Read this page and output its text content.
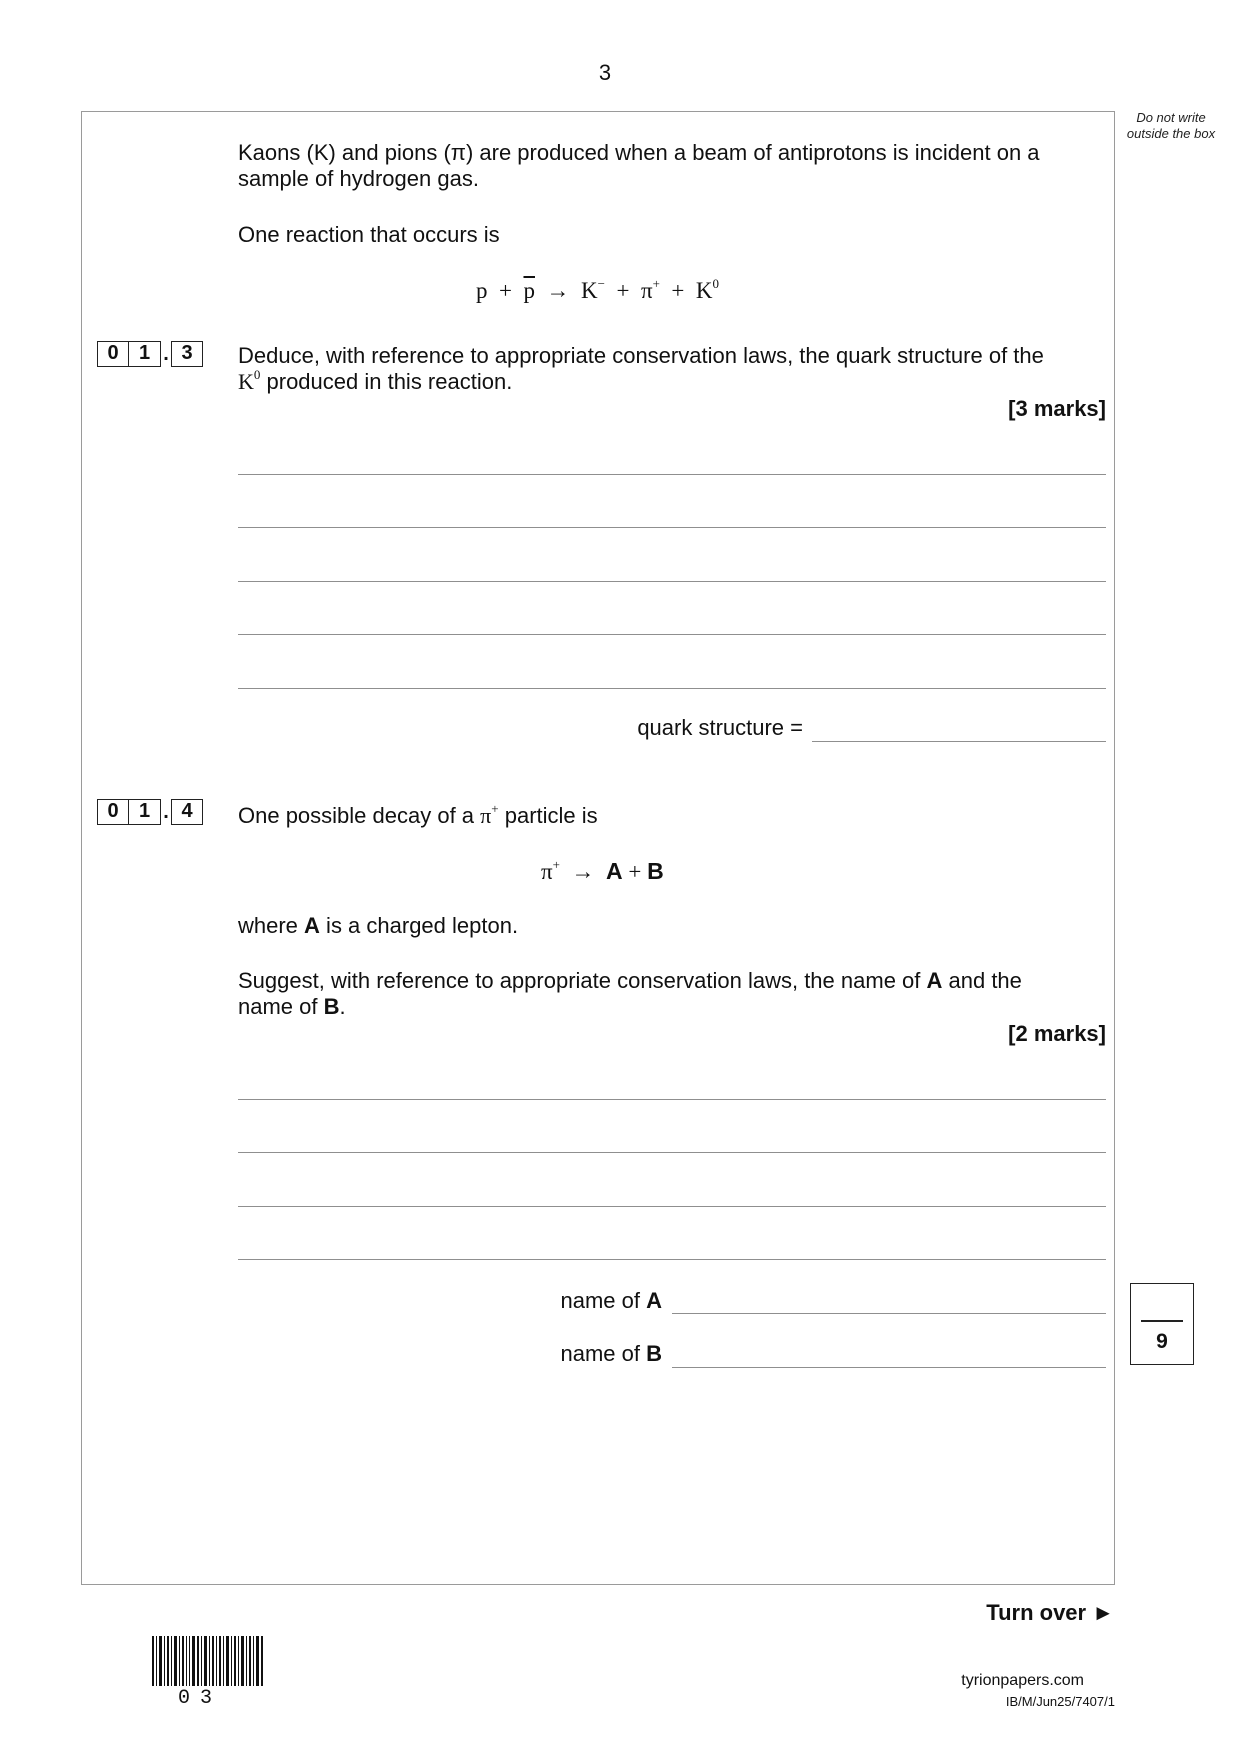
3
Do not write outside the box
Kaons (K) and pions (π) are produced when a beam of antiprotons is incident on a
sample of hydrogen gas.
One reaction that occurs is
$p + \overline{p} \to K^- + \pi^+ + K^0$
0	1 . 3	Deduce, with reference to appropriate conservation laws, the quark structure of the
$K^0$ produced in this reaction.
[3 marks]
quark structure =
0	1 . 4	One possible decay of a π+ particle is
π+ → A + B
where A is a charged lepton.
Suggest, with reference to appropriate conservation laws, the name of A and the
name of B.
[2 marks]
name of A
name of B	9
Turn over ►
03
tyrionpapers.com
IB/M/Jun25/7407/1
